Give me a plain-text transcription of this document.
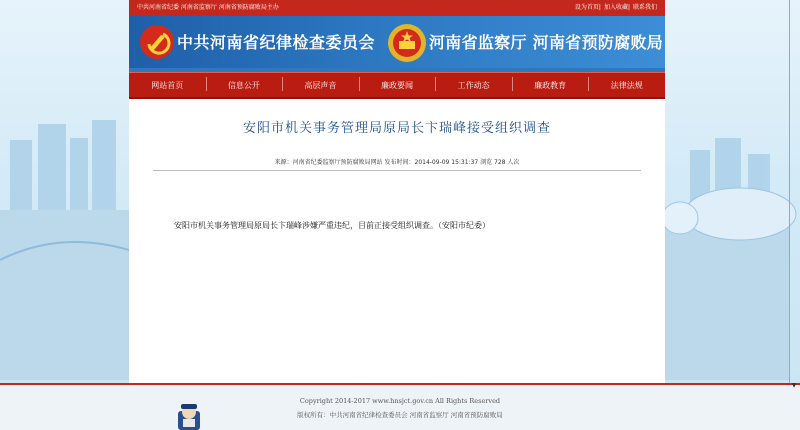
中共河南省纪委 河南省监察厅 河南省预防腐败局主办	设为首页| 加入收藏| 联系我们
中共河南省纪律检查委员会	河南省监察厅 河南省预防腐败局
网站首页	信息公开	高层声音	廉政要闻	工作动态	廉政教育	法律法规
安阳市机关事务管理局原局长卞瑞峰接受组织调查
来源：河南省纪委监察厅预防腐败局网站 发布时间：2014-09-09 15:31:37 浏览 728 人次
安阳市机关事务管理局原局长卞瑞峰涉嫌严重违纪，目前正接受组织调查。（安阳市纪委）
Copyright 2014-2017 www.hnsjct.gov.cn All Rights Reserved
版权所有：中共河南省纪律检查委员会 河南省监察厅 河南省预防腐败局
▼
